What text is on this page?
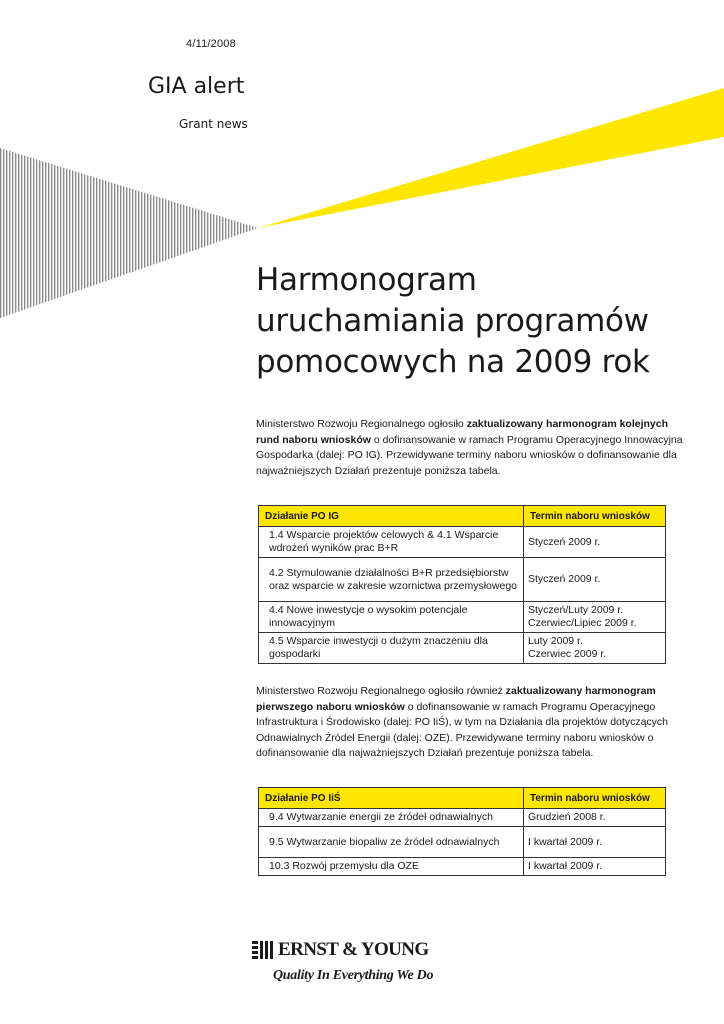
4/11/2008
GIA alert
Grant news
Harmonogram
uruchamiania programów
pomocowych na 2009 rok

Ministerstwo Rozwoju Regionalnego ogłosiło zaktualizowany harmonogram kolejnych rund naboru wniosków o dofinansowanie w ramach Programu Operacyjnego Innowacyjna Gospodarka (dalej: PO IG). Przewidywane terminy naboru wniosków o dofinansowanie dla najważniejszych Działań prezentuje poniższa tabela.

Działanie PO IG	Termin naboru wniosków
1.4 Wsparcie projektów celowych & 4.1 Wsparcie wdrożeń wyników prac B+R	Styczeń 2009 r.
4.2 Stymulowanie działalności B+R przedsiębiorstw oraz wsparcie w zakresie wzornictwa przemysłowego	Styczeń 2009 r.
4.4 Nowe inwestycje o wysokim potencjale innowacyjnym	Styczeń/Luty 2009 r.
Czerwiec/Lipiec 2009 r.
4.5 Wsparcie inwestycji o dużym znaczeniu dla gospodarki	Luty 2009 r.
Czerwiec 2009 r.

Ministerstwo Rozwoju Regionalnego ogłosiło również zaktualizowany harmonogram pierwszego naboru wniosków o dofinansowanie w ramach Programu Operacyjnego Infrastruktura i Środowisko (dalej: PO IiŚ), w tym na Działania dla projektów dotyczących Odnawialnych Źródeł Energii (dalej: OZE). Przewidywane terminy naboru wniosków o dofinansowanie dla najważniejszych Działań prezentuje poniższa tabela.

Działanie PO IiŚ	Termin naboru wniosków
9.4 Wytwarzanie energii ze źródeł odnawialnych	Grudzień 2008 r.
9.5 Wytwarzanie biopaliw ze źródeł odnawialnych	I kwartał 2009 r.
10.3 Rozwój przemysłu dla OZE	I kwartał 2009 r.
ERNST & YOUNG
Quality In Everything We Do
